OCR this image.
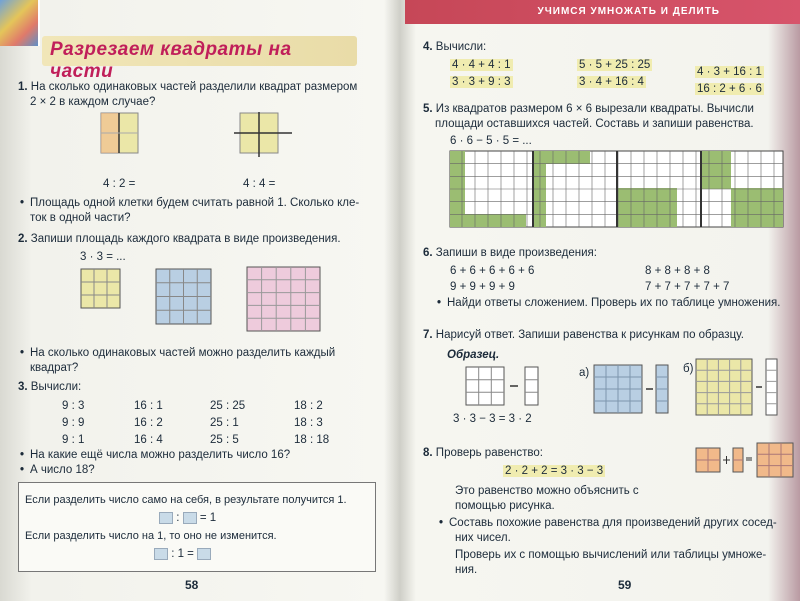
Разрезаем квадраты на части
1. На сколько одинаковых частей разделили квадрат размером
2 × 2 в каждом случае?
4 : 2 =	4 : 4 =
Площадь одной клетки будем считать равной 1. Сколько кле-
ток в одной части?
2. Запиши площадь каждого квадрата в виде произведения.
3 · 3 = ...
На сколько одинаковых частей можно разделить каждый
квадрат?
3. Вычисли:
9 : 3
9 : 9
9 : 1
16 : 1
16 : 2
16 : 4
25 : 25
25 : 1
25 : 5
18 : 2
18 : 3
18 : 18
На какие ещё числа можно разделить число 16?
А число 18?
Если разделить число само на себя, в результате получится 1.
: = 1
Если разделить число на 1, то оно не изменится.
: 1 =
58
УЧИМСЯ УМНОЖАТЬ И ДЕЛИТЬ
4. Вычисли:
4 · 4 + 4 : 1
3 · 3 + 9 : 3
5 · 5 + 25 : 25
3 · 4 + 16 : 4
4 · 3 + 16 : 1
16 : 2 + 6 · 6
5. Из квадратов размером 6 × 6 вырезали квадраты. Вычисли
площади оставшихся частей. Составь и запиши равенства.
6 · 6 − 5 · 5 = ...
6. Запиши в виде произведения:
6 + 6 + 6 + 6 + 6
9 + 9 + 9 + 9
8 + 8 + 8 + 8
7 + 7 + 7 + 7 + 7
Найди ответы сложением. Проверь их по таблице умножения.
7. Нарисуй ответ. Запиши равенства к рисункам по образцу.
Образец.
3 · 3 − 3 = 3 · 2
а)	б)
8. Проверь равенство:
2 · 2 + 2 = 3 · 3 − 3
Это равенство можно объяснить с
помощью рисунка.
Составь похожие равенства для произведений других сосед-
них чисел.
Проверь их с помощью вычислений или таблицы умноже-
ния.
59
